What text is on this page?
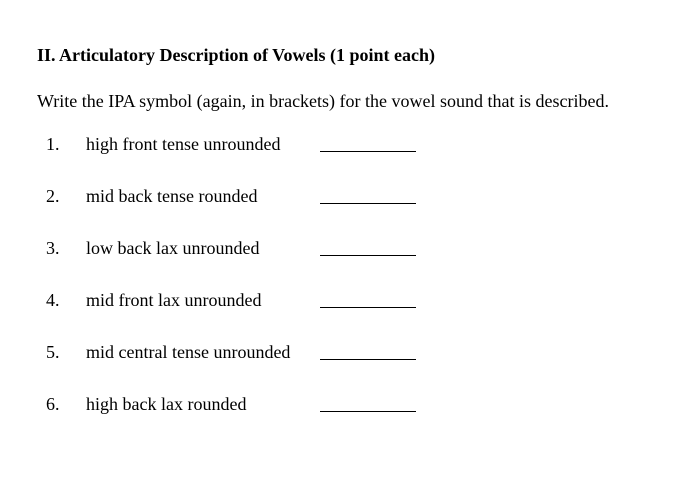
II. Articulatory Description of Vowels (1 point each)
Write the IPA symbol (again, in brackets) for the vowel sound that is described.
1. high front tense unrounded
2. mid back tense rounded
3. low back lax unrounded
4. mid front lax unrounded
5. mid central tense unrounded
6. high back lax rounded
